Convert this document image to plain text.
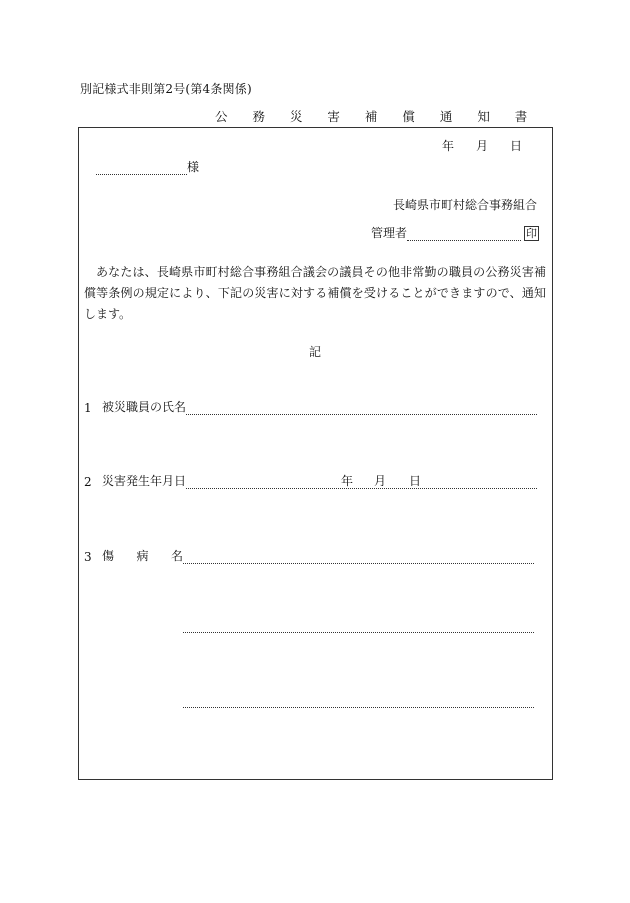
別記様式非則第2号(第4条関係)
公 務 災 害 補 償 通 知 書
年 月 日
様
長崎県市町村総合事務組合
管理者	印
あなたは、長崎県市町村総合事務組合議会の議員その他非常勤の職員の公務災害補償等条例の規定により、下記の災害に対する補償を受けることができますので、通知します。
記
1 被災職員の氏名
2 災害発生年月日	年 月 日
3 傷 病 名
